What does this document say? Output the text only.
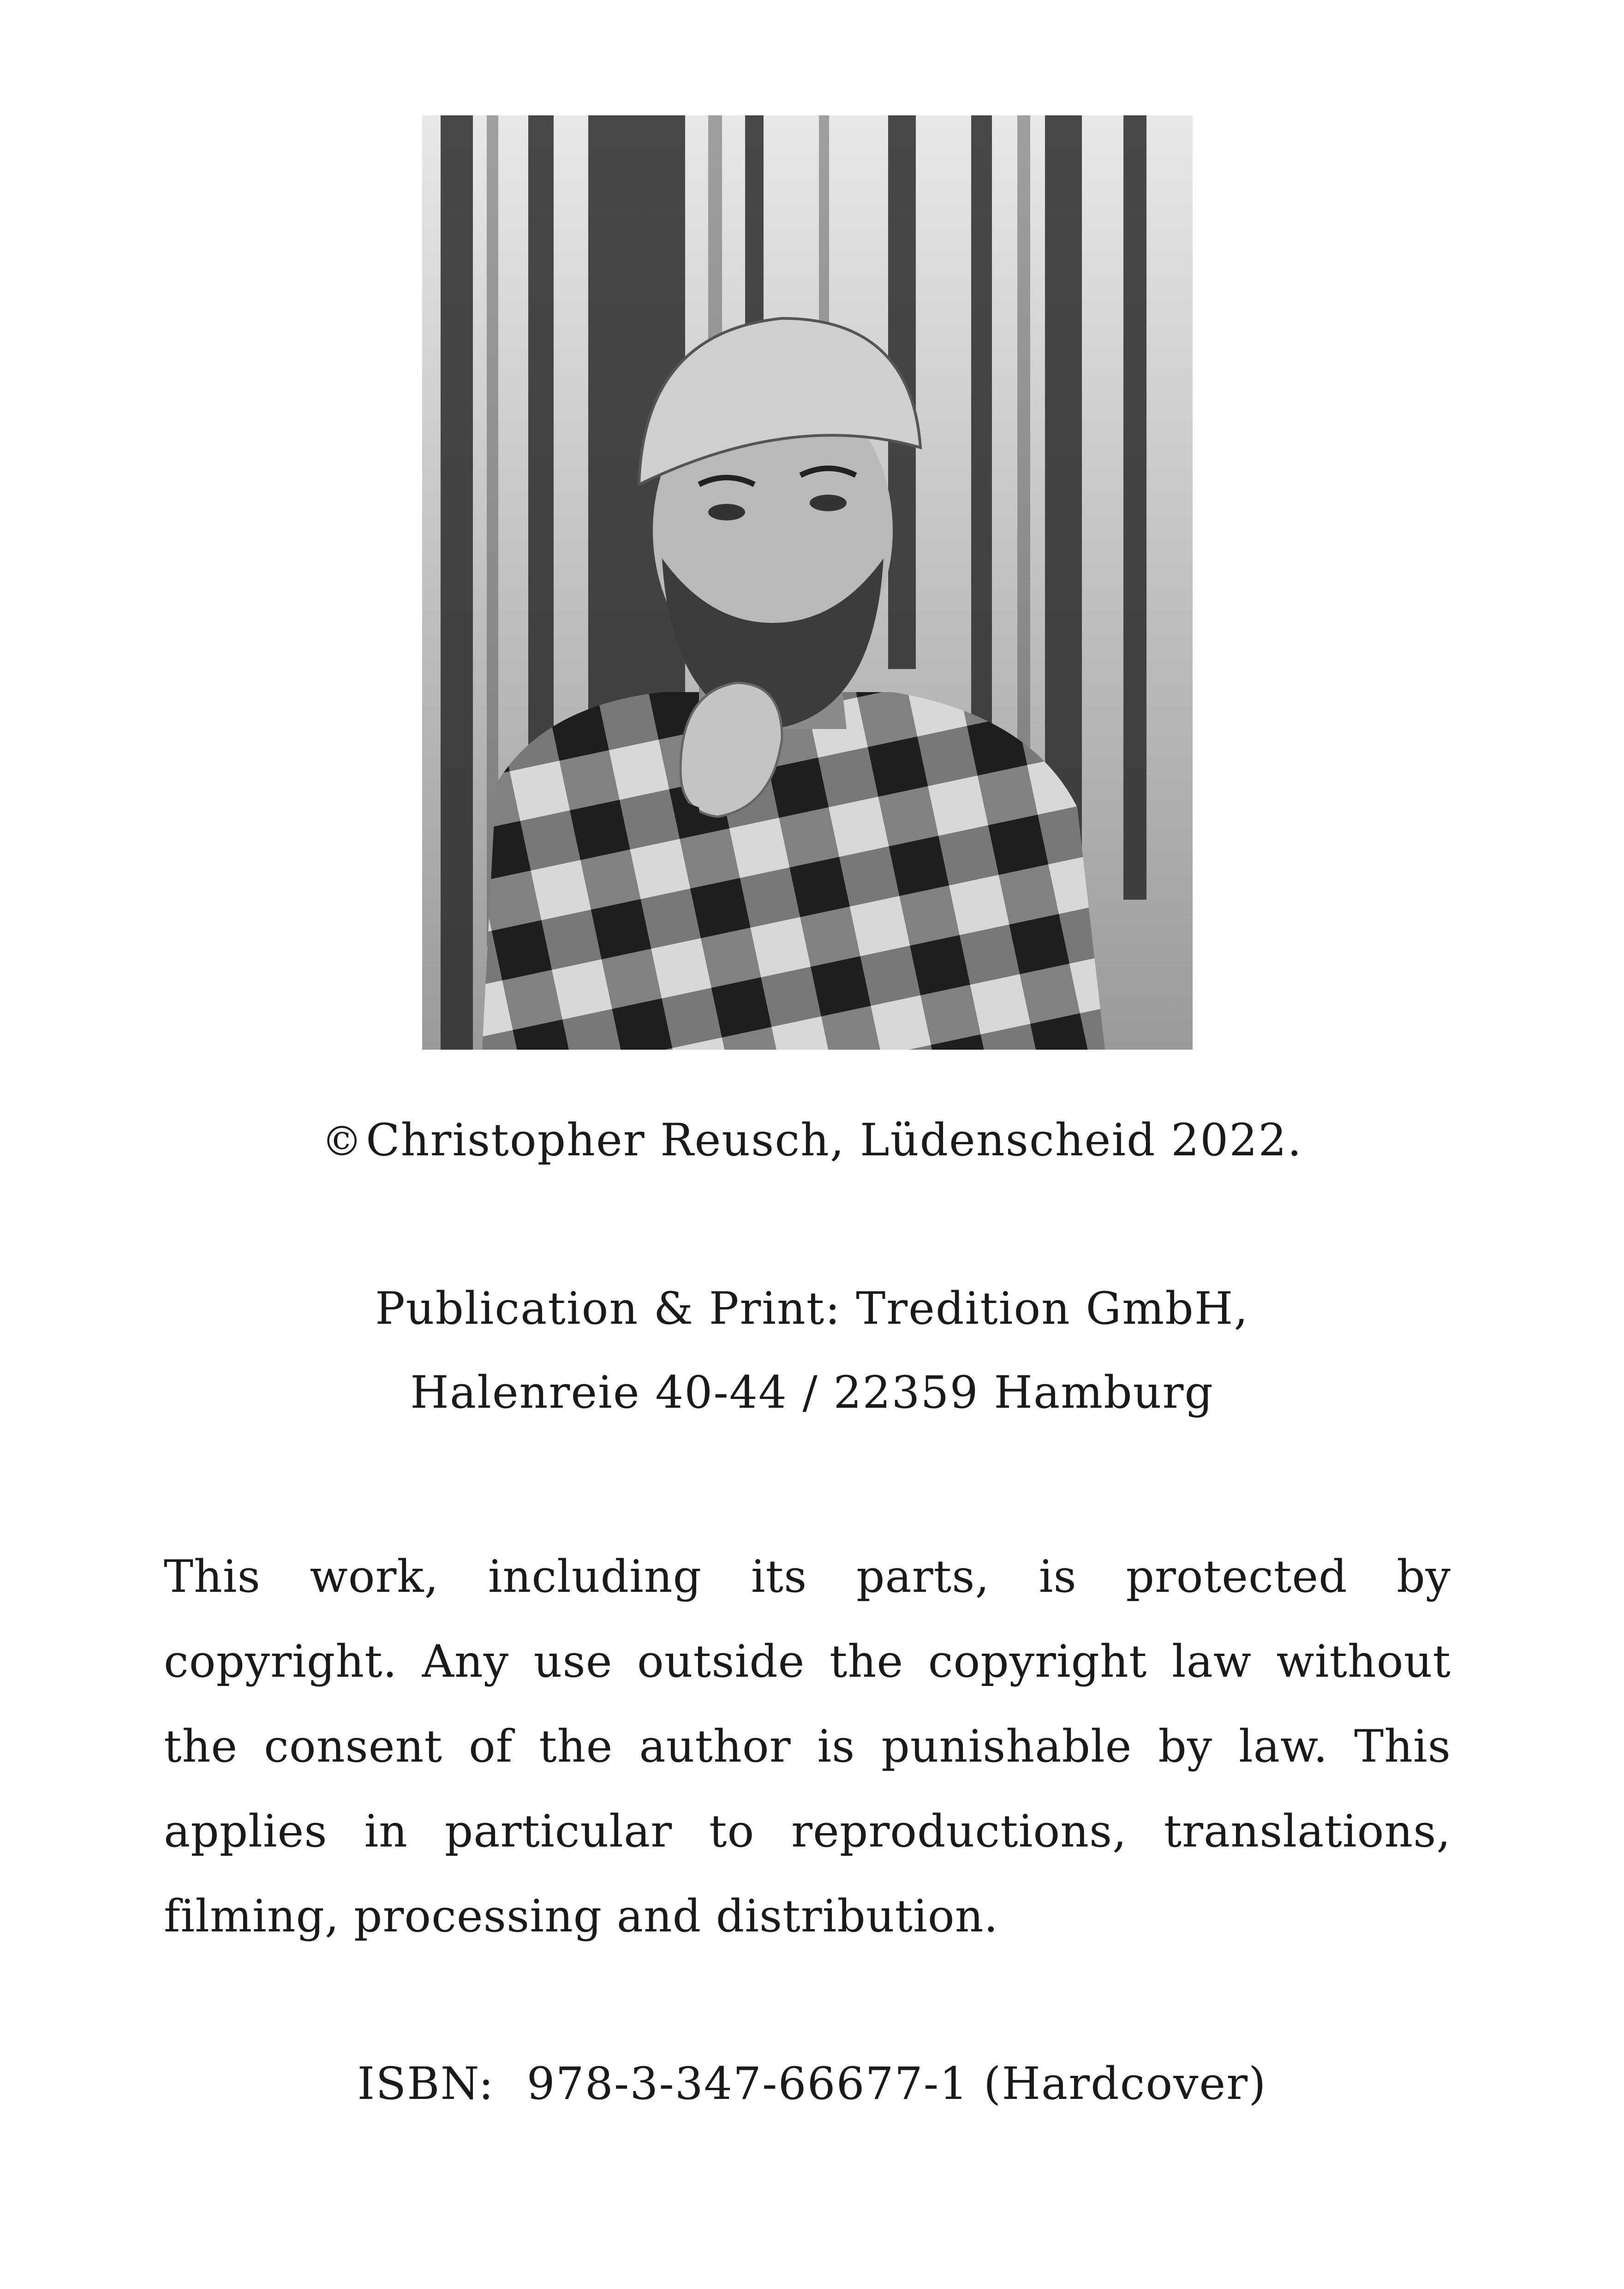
©Christopher Reusch, Lüdenscheid 2022.
Publication & Print: Tredition GmbH,
Halenreie 40-44 / 22359 Hamburg
This work, including its parts, is protected by copyright. Any use outside the copyright law without the consent of the author is punishable by law. This applies in particular to reproductions, translations, filming, processing and distribution.
ISBN: 978-3-347-66677-1 (Hardcover)
